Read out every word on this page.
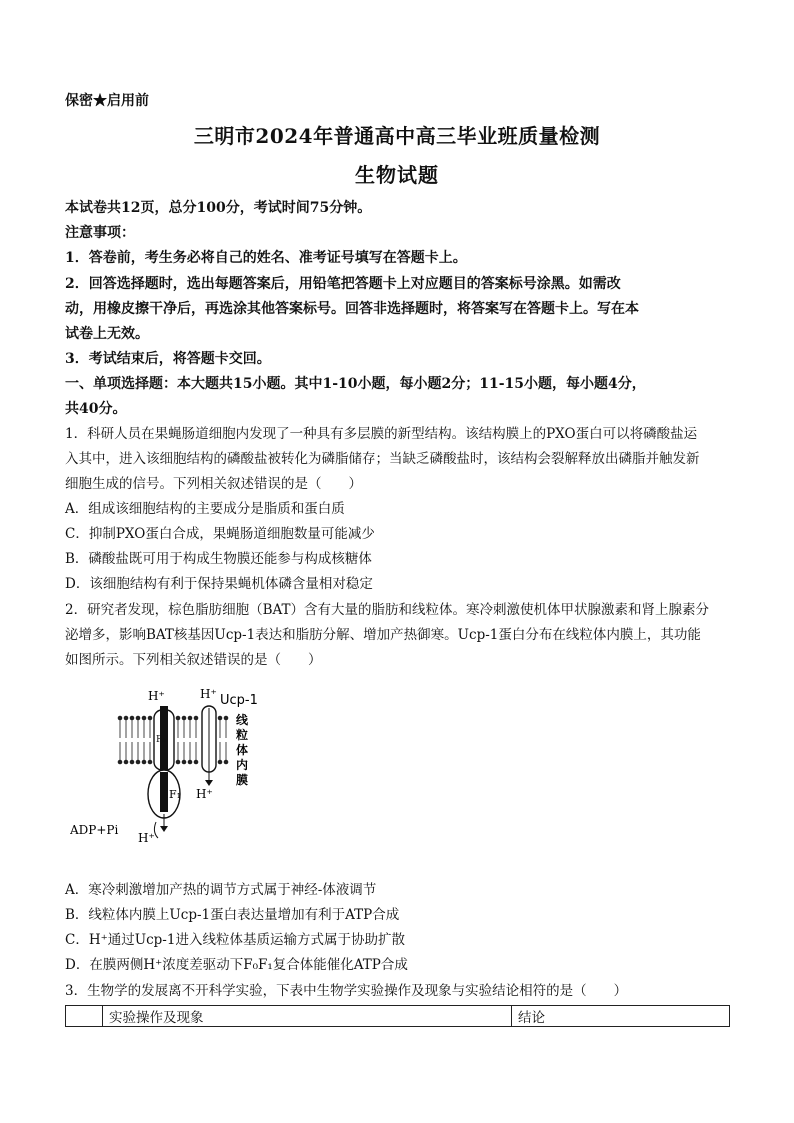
保密★启用前
三明市2024年普通高中高三毕业班质量检测
生物试题
本试卷共12页，总分100分，考试时间75分钟。
注意事项：
1．答卷前，考生务必将自己的姓名、准考证号填写在答题卡上。
2．回答选择题时，选出每题答案后，用铅笔把答题卡上对应题目的答案标号涂黑。如需改
动，用橡皮擦干净后，再选涂其他答案标号。回答非选择题时，将答案写在答题卡上。写在本
试卷上无效。
3．考试结束后，将答题卡交回。
一、单项选择题：本大题共15小题。其中1-10小题，每小题2分；11-15小题，每小题4分，
共40分。
1．科研人员在果蝇肠道细胞内发现了一种具有多层膜的新型结构。该结构膜上的PXO蛋白可以将磷酸盐运
入其中，进入该细胞结构的磷酸盐被转化为磷脂储存；当缺乏磷酸盐时，该结构会裂解释放出磷脂并触发新
细胞生成的信号。下列相关叙述错误的是（　　）
A．组成该细胞结构的主要成分是脂质和蛋白质
C．抑制PXO蛋白合成，果蝇肠道细胞数量可能减少
B．磷酸盐既可用于构成生物膜还能参与构成核糖体
D．该细胞结构有利于保持果蝇机体磷含量相对稳定
2．研究者发现，棕色脂肪细胞（BAT）含有大量的脂肪和线粒体。寒冷刺激使机体甲状腺激素和肾上腺素分
泌增多，影响BAT核基因Ucp-1表达和脂肪分解、增加产热御寒。Ucp-1蛋白分布在线粒体内膜上，其功能
如图所示。下列相关叙述错误的是（　　）
H⁺	H⁺ Ucp-1
H⁺
F₀
F₁
ADP+Pi
H⁺
线
粒
体
内
膜
A．寒冷刺激增加产热的调节方式属于神经-体液调节
B．线粒体内膜上Ucp-1蛋白表达量增加有利于ATP合成
C．H⁺通过Ucp-1进入线粒体基质运输方式属于协助扩散
D．在膜两侧H⁺浓度差驱动下F₀F₁复合体能催化ATP合成
3．生物学的发展离不开科学实验，下表中生物学实验操作及现象与实验结论相符的是（　　）
	实验操作及现象	结论
